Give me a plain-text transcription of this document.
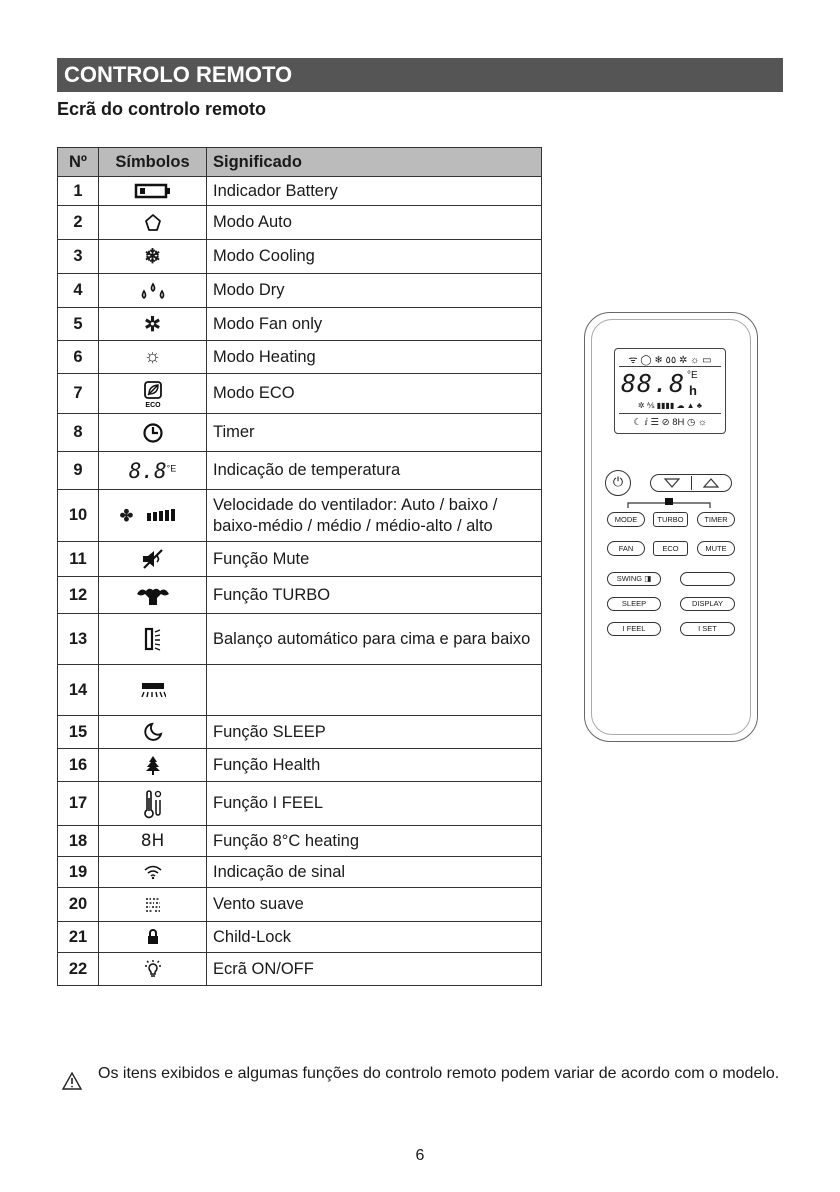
CONTROLO REMOTO
Ecrã do controlo remoto
Nº	Símbolos	Significado
1		Indicador Battery
2		Modo Auto
3	❄	Modo Cooling
4		Modo Dry
5	✲	Modo Fan only
6	☼	Modo Heating
7	ECO	Modo ECO
8		Timer
9	$8.8^{^\circ E}$	Indicação de temperatura
10	✤	Velocidade do ventilador: Auto / baixo / baixo-médio / médio / médio-alto / alto
11		Função Mute
12		Função TURBO
13		Balanço automático para cima e para baixo
14		
15		Função SLEEP
16		Função Health
17		Função I FEEL
18	8H	Função 8°C heating
19		Indicação de sinal
20		Vento suave
21		Child-Lock
22		Ecrã ON/OFF
ᯤ ◯ ❄ ٥٥ ✲ ☼ ▭
88.8 °E
h
✲ ⅍ ▮▮▮▮ ☁ ▲ ♣
☾ ⅈ ☰ ⊘ 8H ◷ ☼
⏻
MODE	TURBO	TIMER
FAN	ECO	MUTE
SWING ◨
SLEEP	DISPLAY
I FEEL	I SET
Os itens exibidos e algumas funções do controlo remoto podem variar de acordo com o modelo.
6
